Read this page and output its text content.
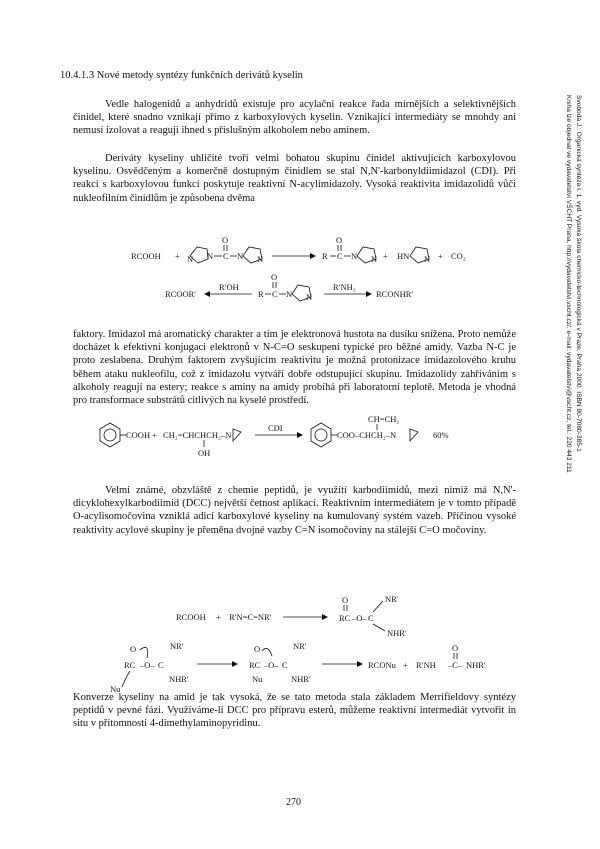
10.4.1.3 Nové metody syntézy funkčních derivátů kyselin

Vedle halogenidů a anhydridů existuje pro acylační reakce řada mírnějších a selektivnějších činidel, které snadno vznikají přímo z karboxylových kyselin. Vznikající intermediáty se mnohdy ani nemusí izolovat a reagují ihned s příslušným alkoholem nebo aminem.

Deriváty kyseliny uhličité tvoří velmi bohatou skupinu činidel aktivujících karboxylovou kyselinu. Osvědčeným a komerčně dostupným činidlem se stal N,N'-karbonyldiimidazol (CDI). Při reakci s karboxylovou funkcí poskytuje reaktivní N-acylimidazoly. Vysoká reaktivita imidazolidů vůči nukleofilním činidlům je způsobena dvěma

RCOOH + N N C
O
N N	R C
O
N N + HN N + CO₂
RCOOR′
R′OH
R C
O
N N
R′NH₂
RCONHR′

faktory. Imidazol má aromatický charakter a tím je elektronová hustota na dusíku snížena. Proto nemůže docházet k efektivní konjugaci elektronů v N-C=O seskupení typické pro běžné amidy. Vazba N-C je proto zeslabena. Druhým faktorem zvyšujícím reaktivitu je možná protonizace imidazolového kruhu během ataku nukleofilu, což z imidazolu vytváří dobře odstupující skupinu. Imidazolidy zahříváním s alkoholy reagují na estery; reakce s aminy na amidy probíhá při laboratorní teplotě. Metoda je vhodná pro transformace substrátů citlivých na kyselé prostředí.

COOH + CH₂=CHCHCH₂–N
OH
CDI
COO–CHCH₂–N
CH=CH₂
60%

Velmi známé, obzvláště z chemie peptidů, je využití karbodiimidů, mezi nimiž má N,N'-dicyklohexylkarbodiimid (DCC) největší četnost aplikací. Reaktivním intermediátem je v tomto případě O-acylisomočovina vzniklá adicí karboxylové kyseliny na kumulovaný systém vazeb. Příčinou vysoké reaktivity acylové skupiny je přeměna dvojné vazby C=N isomočoviny na stálejší C=O močoviny.

RCOOH + R′N=C=NR′	RC
O
–O– C
NR′
NHR′
RC
O
–O– C
NR′
NHR′
Nu
RC
O
–O– C
NR′
NHR′
Nu
RCONu + R′NH –C–
O
NHR′

Konverze kyseliny na amid je tak vysoká, že se tato metoda stala základem Merrifieldovy syntézy peptidů v pevné fázi. Využíváme-li DCC pro přípravu esterů, můžeme reaktivní intermediát vytvořit in situ v přítomnosti 4-dimethylaminopyridinu.

Svoboda J.: Organická syntéza I. 1. vyd. Vysoká škola chemicko-technologická v Praze, Praha 2000. ISBN 80-7080-385-1
Kniha lze objednat ve vydavatelství VŠCHT Praha, http://vydavatelstvi.vscht.cz/, e-mail: vydavatelstvi@vscht.cz, tel.: 220 443 211
270
